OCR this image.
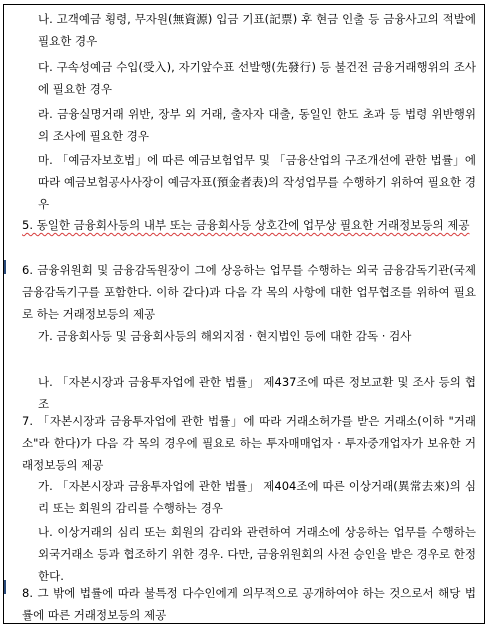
나. 고객예금 횡령, 무자원(無資源) 입금 기표(記票) 후 현금 인출 등 금융사고의 적발에 필요한 경우
다. 구속성예금 수입(受入), 자기앞수표 선발행(先發行) 등 불건전 금융거래행위의 조사에 필요한 경우
라. 금융실명거래 위반, 장부 외 거래, 출자자 대출, 동일인 한도 초과 등 법령 위반행위의 조사에 필요한 경우
마. 「예금자보호법」에 따른 예금보험업무 및 「금융산업의 구조개선에 관한 법률」에 따라 예금보험공사사장이 예금자표(預金者表)의 작성업무를 수행하기 위하여 필요한 경우
5. 동일한 금융회사등의 내부 또는 금융회사등 상호간에 업무상 필요한 거래정보등의 제공
6. 금융위원회 및 금융감독원장이 그에 상응하는 업무를 수행하는 외국 금융감독기관(국제금융감독기구를 포함한다. 이하 같다)과 다음 각 목의 사항에 대한 업무협조를 위하여 필요로 하는 거래정보등의 제공
가. 금융회사등 및 금융회사등의 해외지점 · 현지법인 등에 대한 감독 · 검사
나. 「자본시장과 금융투자업에 관한 법률」 제437조에 따른 정보교환 및 조사 등의 협조
7. 「자본시장과 금융투자업에 관한 법률」에 따라 거래소허가를 받은 거래소(이하 "거래소"라 한다)가 다음 각 목의 경우에 필요로 하는 투자매매업자 · 투자중개업자가 보유한 거래정보등의 제공
가. 「자본시장과 금융투자업에 관한 법률」 제404조에 따른 이상거래(異常去來)의 심리 또는 회원의 감리를 수행하는 경우
나. 이상거래의 심리 또는 회원의 감리와 관련하여 거래소에 상응하는 업무를 수행하는 외국거래소 등과 협조하기 위한 경우. 다만, 금융위원회의 사전 승인을 받은 경우로 한정한다.
8. 그 밖에 법률에 따라 불특정 다수인에게 의무적으로 공개하여야 하는 것으로서 해당 법률에 따른 거래정보등의 제공
